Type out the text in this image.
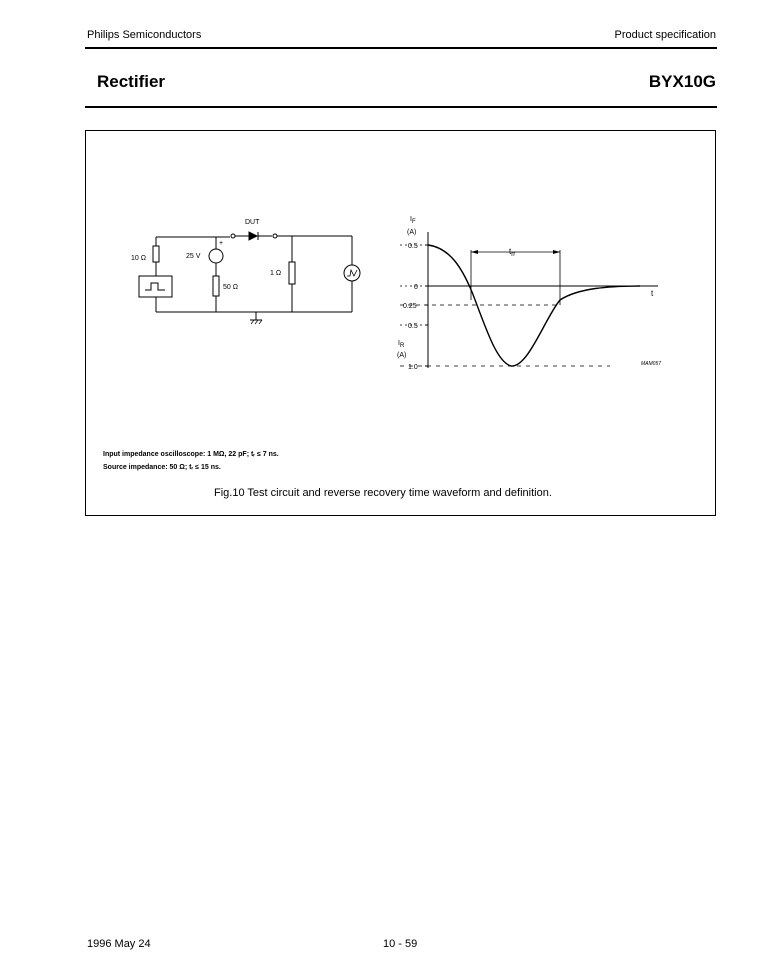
Philips Semiconductors	Product specification
Rectifier	BYX10G
DUT
10 Ω	25 V
+
50 Ω
1 Ω
IF
(A)
IR
(A)
0.5
0
0.25
0.5
1.0
t
$t_{rr}$
MAM057
Input impedance oscilloscope: 1 MΩ, 22 pF; tᵣ ≤ 7 ns.
Source impedance: 50 Ω; tᵣ ≤ 15 ns.
Fig.10 Test circuit and reverse recovery time waveform and definition.
1996 May 24	10 - 59
